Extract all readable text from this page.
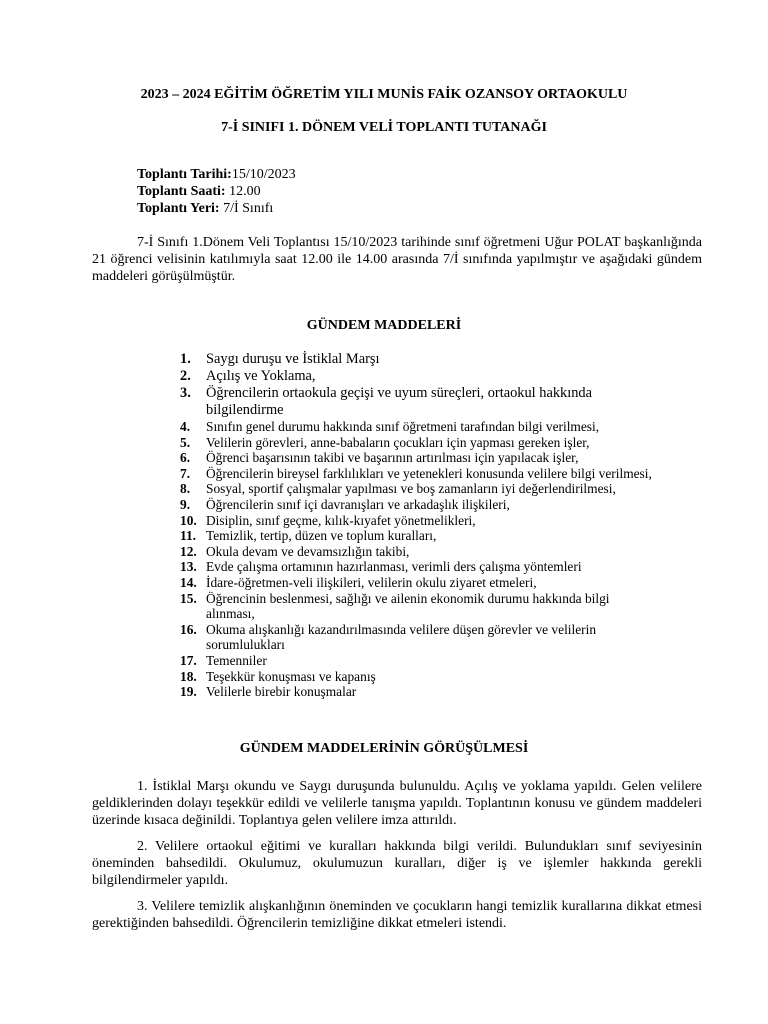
2023 – 2024 EĞİTİM ÖĞRETİM YILI MUNİS FAİK OZANSOY ORTAOKULU
7-İ SINIFI 1. DÖNEM VELİ TOPLANTI TUTANAĞI
Toplantı Tarihi:15/10/2023
Toplantı Saati: 12.00
Toplantı Yeri: 7/İ Sınıfı
7-İ Sınıfı 1.Dönem Veli Toplantısı 15/10/2023 tarihinde sınıf öğretmeni Uğur POLAT başkanlığında 21 öğrenci velisinin katılımıyla saat 12.00 ile 14.00 arasında 7/İ sınıfında yapılmıştır ve aşağıdaki gündem maddeleri görüşülmüştür.
GÜNDEM MADDELERİ
1. Saygı duruşu ve İstiklal Marşı
2. Açılış ve Yoklama,
3. Öğrencilerin ortaokula geçişi ve uyum süreçleri, ortaokul hakkında bilgilendirme
4. Sınıfın genel durumu hakkında sınıf öğretmeni tarafından bilgi verilmesi,
5. Velilerin görevleri, anne-babaların çocukları için yapması gereken işler,
6. Öğrenci başarısının takibi ve başarının artırılması için yapılacak işler,
7. Öğrencilerin bireysel farklılıkları ve yetenekleri konusunda velilere bilgi verilmesi,
8. Sosyal, sportif çalışmalar yapılması ve boş zamanların iyi değerlendirilmesi,
9. Öğrencilerin sınıf içi davranışları ve arkadaşlık ilişkileri,
10. Disiplin, sınıf geçme, kılık-kıyafet yönetmelikleri,
11. Temizlik, tertip, düzen ve toplum kuralları,
12. Okula devam ve devamsızlığın takibi,
13. Evde çalışma ortamının hazırlanması, verimli ders çalışma yöntemleri
14. İdare-öğretmen-veli ilişkileri, velilerin okulu ziyaret etmeleri,
15. Öğrencinin beslenmesi, sağlığı ve ailenin ekonomik durumu hakkında bilgi alınması,
16. Okuma alışkanlığı kazandırılmasında velilere düşen görevler ve velilerin sorumlulukları
17. Temenniler
18. Teşekkür konuşması ve kapanış
19. Velilerle birebir konuşmalar
GÜNDEM MADDELERİNİN GÖRÜŞÜLMESİ
1. İstiklal Marşı okundu ve Saygı duruşunda bulunuldu. Açılış ve yoklama yapıldı. Gelen velilere geldiklerinden dolayı teşekkür edildi ve velilerle tanışma yapıldı. Toplantının konusu ve gündem maddeleri üzerinde kısaca değinildi. Toplantıya gelen velilere imza attırıldı.
2. Velilere ortaokul eğitimi ve kuralları hakkında bilgi verildi. Bulundukları sınıf seviyesinin öneminden bahsedildi. Okulumuz, okulumuzun kuralları, diğer iş ve işlemler hakkında gerekli bilgilendirmeler yapıldı.
3. Velilere temizlik alışkanlığının öneminden ve çocukların hangi temizlik kurallarına dikkat etmesi gerektiğinden bahsedildi. Öğrencilerin temizliğine dikkat etmeleri istendi.
